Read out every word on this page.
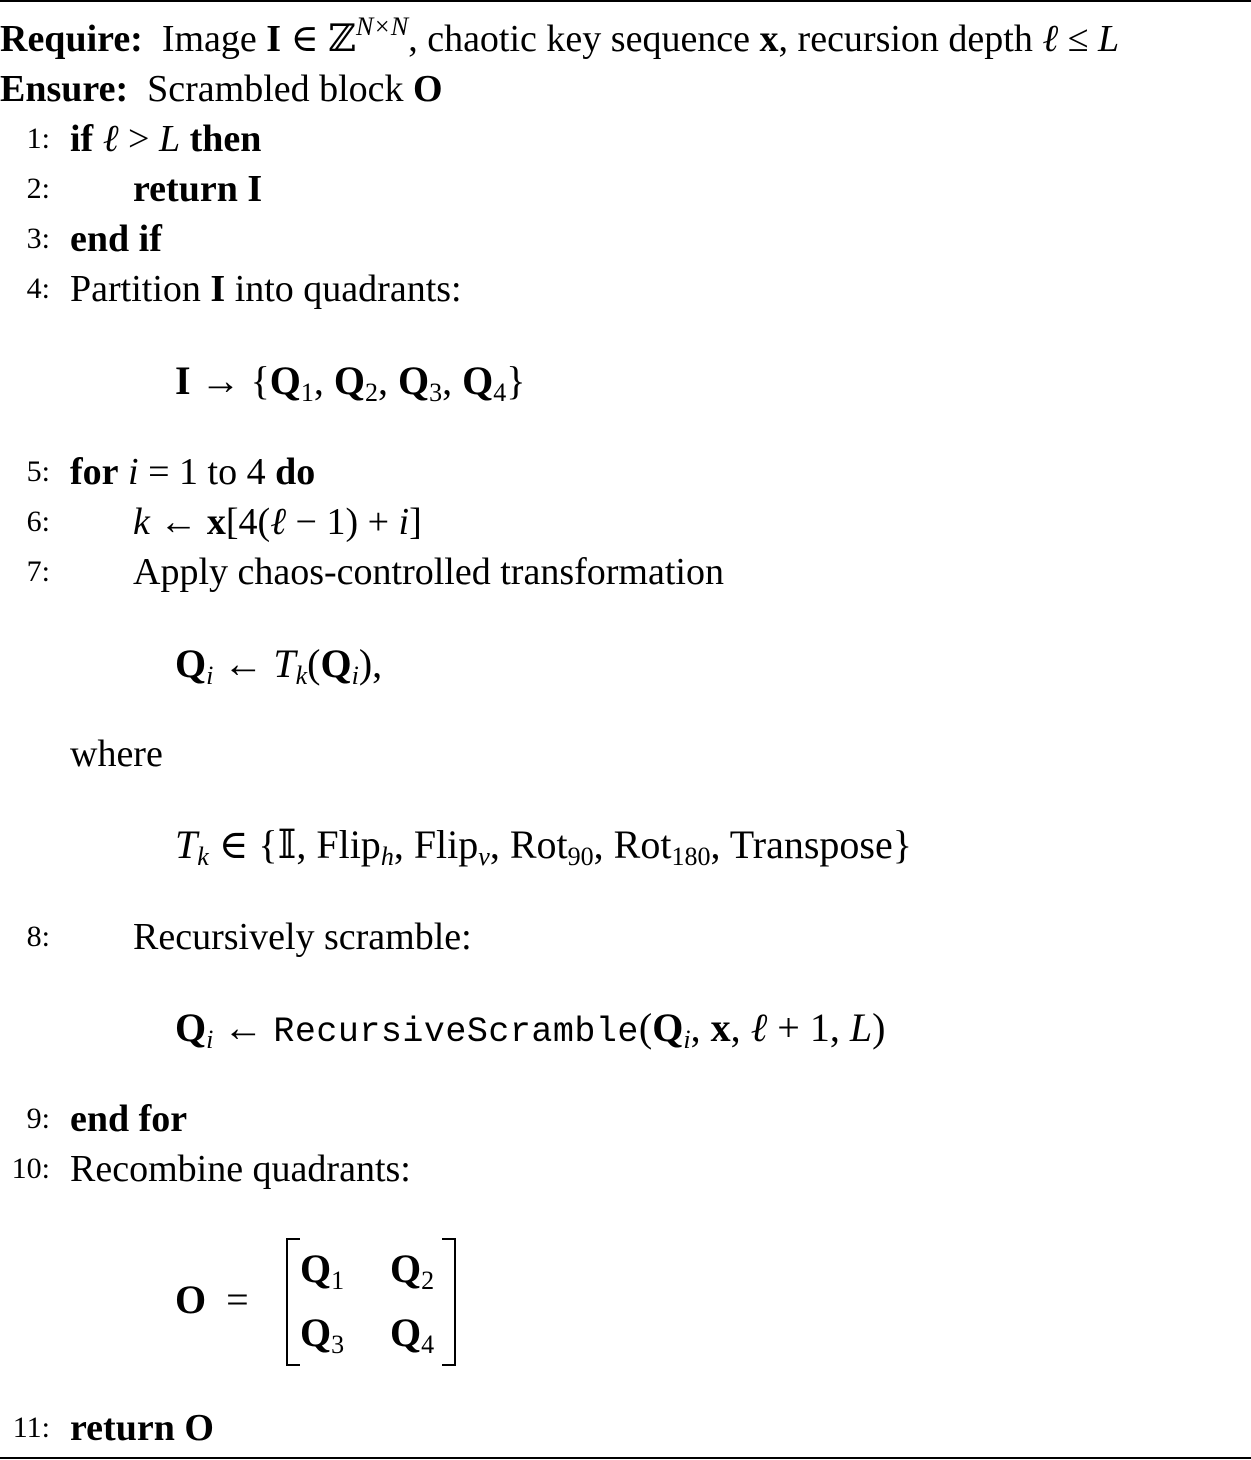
Require: Image I ∈ ℤ$^{N\times N}$, chaotic key sequence x, recursion depth ℓ ≤ L
Ensure: Scrambled block O
1: if ℓ > L then
2: return I
3: end if
4: Partition I into quadrants:
$I \to \{Q_1$, $Q_2$, $Q_3$, $Q_4$}
5: for i = 1 to 4 do
6: k ← x[4(ℓ − 1) + i]
7: Apply chaos-controlled transformation
$Q_i$ ← $T_k(Q_i)$,
where
$T_k$ ∈ {𝕀, Flip$_h$, Flip$_v$, Rot$_{90}$, Rot$_{180}$, Transpose}
8: Recursively scramble:
$Q_i$ ← $RecursiveScramble(Q_i$, x, ℓ + 1, L)
9: end for
10: Recombine quadrants:
O  =
$Q_1$ $Q_2$
$Q_3$ $Q_4$
11: return O
